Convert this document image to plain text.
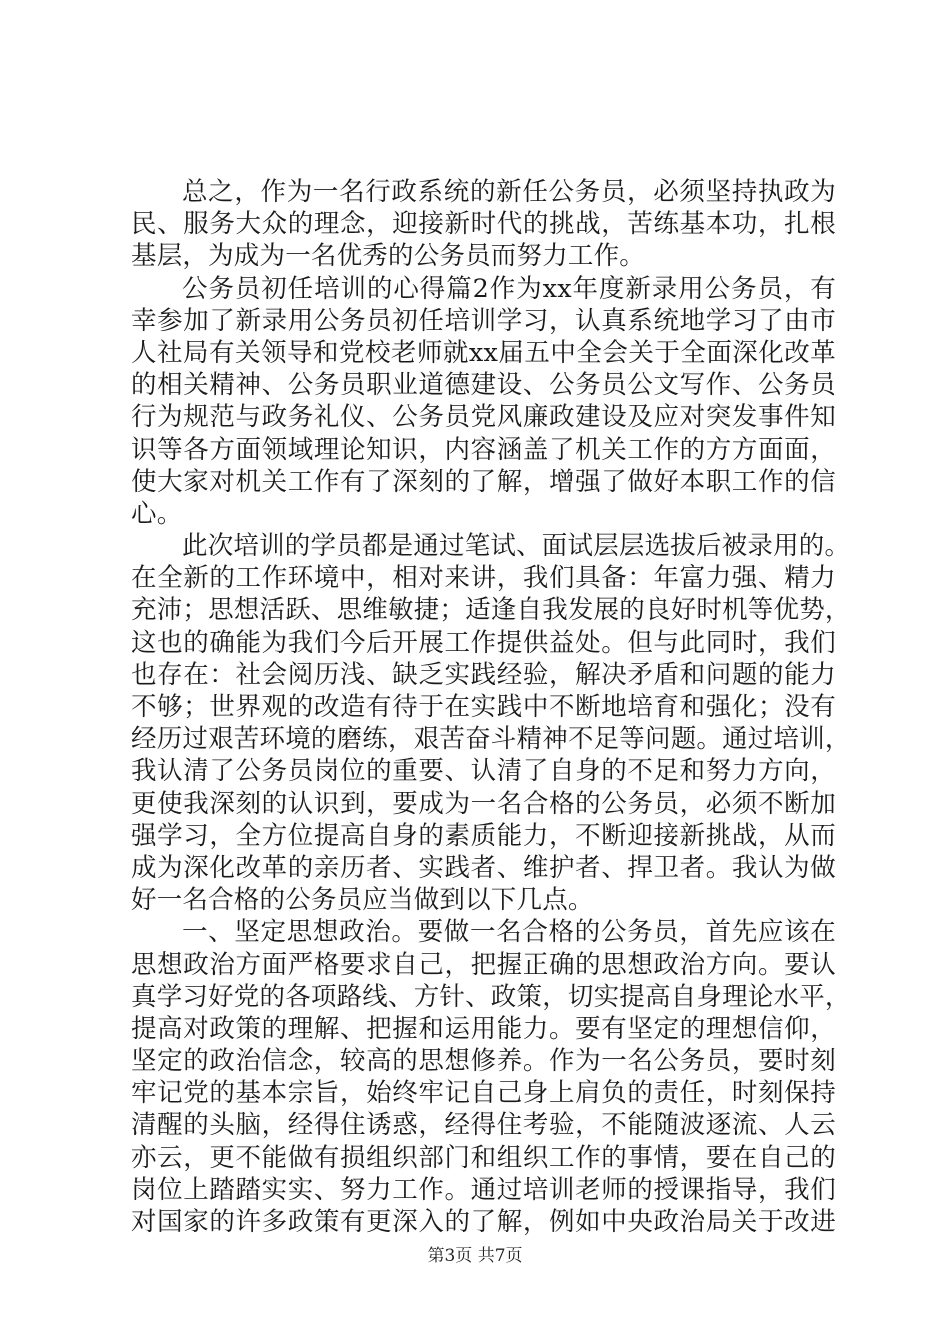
总之，作为一名行政系统的新任公务员，必须坚持执政为
民、服务大众的理念，迎接新时代的挑战，苦练基本功，扎根
基层，为成为一名优秀的公务员而努力工作。
公务员初任培训的心得篇2作为xx年度新录用公务员，有
幸参加了新录用公务员初任培训学习，认真系统地学习了由市
人社局有关领导和党校老师就xx届五中全会关于全面深化改革
的相关精神、公务员职业道德建设、公务员公文写作、公务员
行为规范与政务礼仪、公务员党风廉政建设及应对突发事件知
识等各方面领域理论知识，内容涵盖了机关工作的方方面面，
使大家对机关工作有了深刻的了解，增强了做好本职工作的信
心。
此次培训的学员都是通过笔试、面试层层选拔后被录用的。
在全新的工作环境中，相对来讲，我们具备：年富力强、精力
充沛；思想活跃、思维敏捷；适逢自我发展的良好时机等优势，
这也的确能为我们今后开展工作提供益处。但与此同时，我们
也存在：社会阅历浅、缺乏实践经验，解决矛盾和问题的能力
不够；世界观的改造有待于在实践中不断地培育和强化；没有
经历过艰苦环境的磨练，艰苦奋斗精神不足等问题。通过培训，
我认清了公务员岗位的重要、认清了自身的不足和努力方向，
更使我深刻的认识到，要成为一名合格的公务员，必须不断加
强学习，全方位提高自身的素质能力，不断迎接新挑战，从而
成为深化改革的亲历者、实践者、维护者、捍卫者。我认为做
好一名合格的公务员应当做到以下几点。
一、坚定思想政治。要做一名合格的公务员，首先应该在
思想政治方面严格要求自己，把握正确的思想政治方向。要认
真学习好党的各项路线、方针、政策，切实提高自身理论水平，
提高对政策的理解、把握和运用能力。要有坚定的理想信仰，
坚定的政治信念，较高的思想修养。作为一名公务员，要时刻
牢记党的基本宗旨，始终牢记自己身上肩负的责任，时刻保持
清醒的头脑，经得住诱惑，经得住考验，不能随波逐流、人云
亦云，更不能做有损组织部门和组织工作的事情，要在自己的
岗位上踏踏实实、努力工作。通过培训老师的授课指导，我们
对国家的许多政策有更深入的了解，例如中央政治局关于改进
第3页 共7页
